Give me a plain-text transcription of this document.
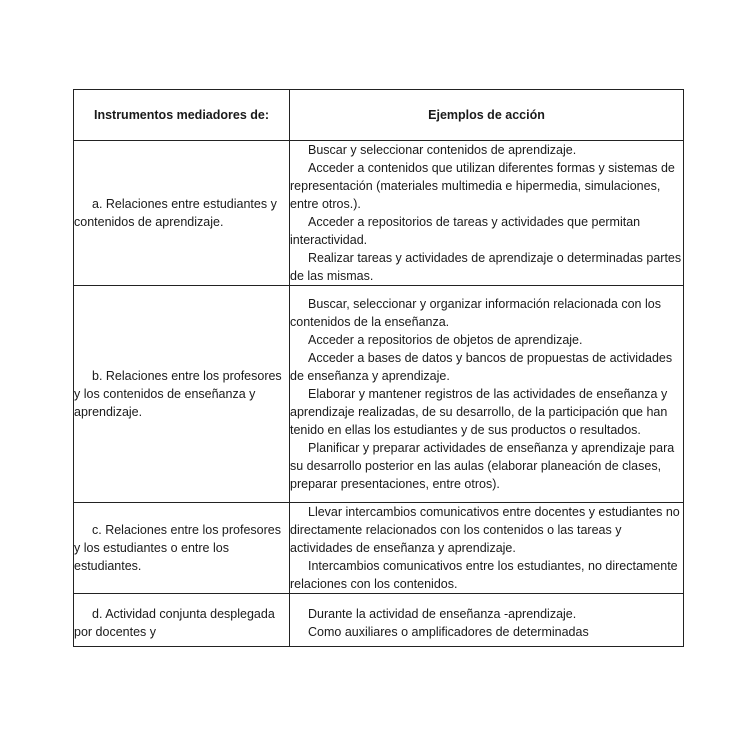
Instrumentos mediadores de:	Ejemplos de acción

a. Relaciones entre estudiantes y contenidos de aprendizaje.	Buscar y seleccionar contenidos de aprendizaje.

Acceder a contenidos que utilizan diferentes formas y sistemas de representación (materiales multimedia e hipermedia, simulaciones, entre otros.).

Acceder a repositorios de tareas y actividades que permitan interactividad.

Realizar tareas y actividades de aprendizaje o determinadas partes de las mismas.

b. Relaciones entre los profesores y los contenidos de enseñanza y aprendizaje.	Buscar, seleccionar y organizar información relacionada con los contenidos de la enseñanza.

Acceder a repositorios de objetos de aprendizaje.

Acceder a bases de datos y bancos de propuestas de actividades de enseñanza y aprendizaje.

Elaborar y mantener registros de las actividades de enseñanza y aprendizaje realizadas, de su desarrollo, de la participación que han tenido en ellas los estudiantes y de sus productos o resultados.

Planificar y preparar actividades de enseñanza y aprendizaje para su desarrollo posterior en las aulas (elaborar planeación de clases, preparar presentaciones, entre otros).

c. Relaciones entre los profesores y los estudiantes o entre los estudiantes.	Llevar intercambios comunicativos entre docentes y estudiantes no directamente relacionados con los contenidos o las tareas y actividades de enseñanza y aprendizaje.

Intercambios comunicativos entre los estudiantes, no directamente relaciones con los contenidos.

d. Actividad conjunta desplegada por docentes y	Durante la actividad de enseñanza -aprendizaje.

Como auxiliares o amplificadores de determinadas
